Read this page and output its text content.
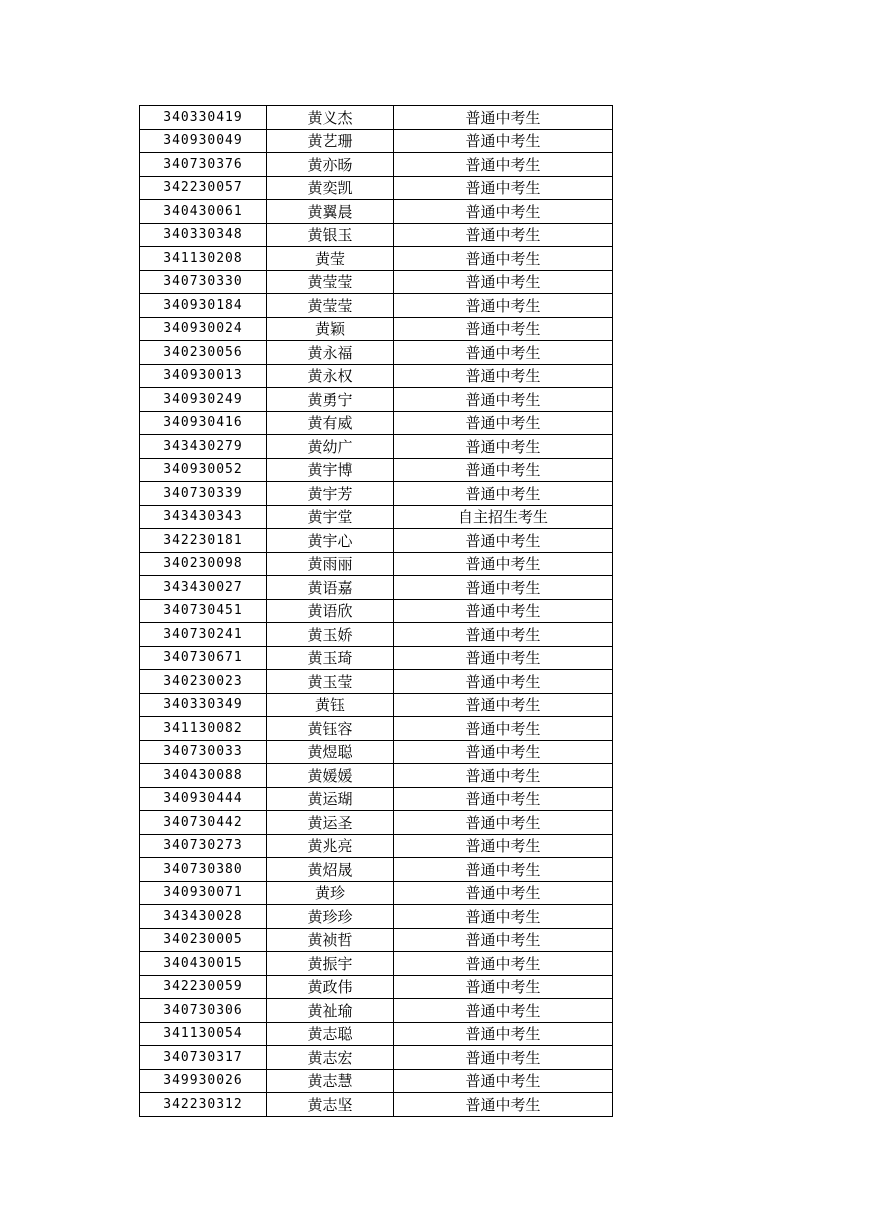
340330419	黄义杰	普通中考生
340930049	黄艺珊	普通中考生
340730376	黄亦旸	普通中考生
342230057	黄奕凯	普通中考生
340430061	黄翼晨	普通中考生
340330348	黄银玉	普通中考生
341130208	黄莹	普通中考生
340730330	黄莹莹	普通中考生
340930184	黄莹莹	普通中考生
340930024	黄颖	普通中考生
340230056	黄永福	普通中考生
340930013	黄永权	普通中考生
340930249	黄勇宁	普通中考生
340930416	黄有威	普通中考生
343430279	黄幼广	普通中考生
340930052	黄宇博	普通中考生
340730339	黄宇芳	普通中考生
343430343	黄宇堂	自主招生考生
342230181	黄宇心	普通中考生
340230098	黄雨丽	普通中考生
343430027	黄语嘉	普通中考生
340730451	黄语欣	普通中考生
340730241	黄玉娇	普通中考生
340730671	黄玉琦	普通中考生
340230023	黄玉莹	普通中考生
340330349	黄钰	普通中考生
341130082	黄钰容	普通中考生
340730033	黄煜聪	普通中考生
340430088	黄媛媛	普通中考生
340930444	黄运瑚	普通中考生
340730442	黄运圣	普通中考生
340730273	黄兆亮	普通中考生
340730380	黄炤晟	普通中考生
340930071	黄珍	普通中考生
343430028	黄珍珍	普通中考生
340230005	黄祯哲	普通中考生
340430015	黄振宇	普通中考生
342230059	黄政伟	普通中考生
340730306	黄祉瑜	普通中考生
341130054	黄志聪	普通中考生
340730317	黄志宏	普通中考生
349930026	黄志慧	普通中考生
342230312	黄志坚	普通中考生
